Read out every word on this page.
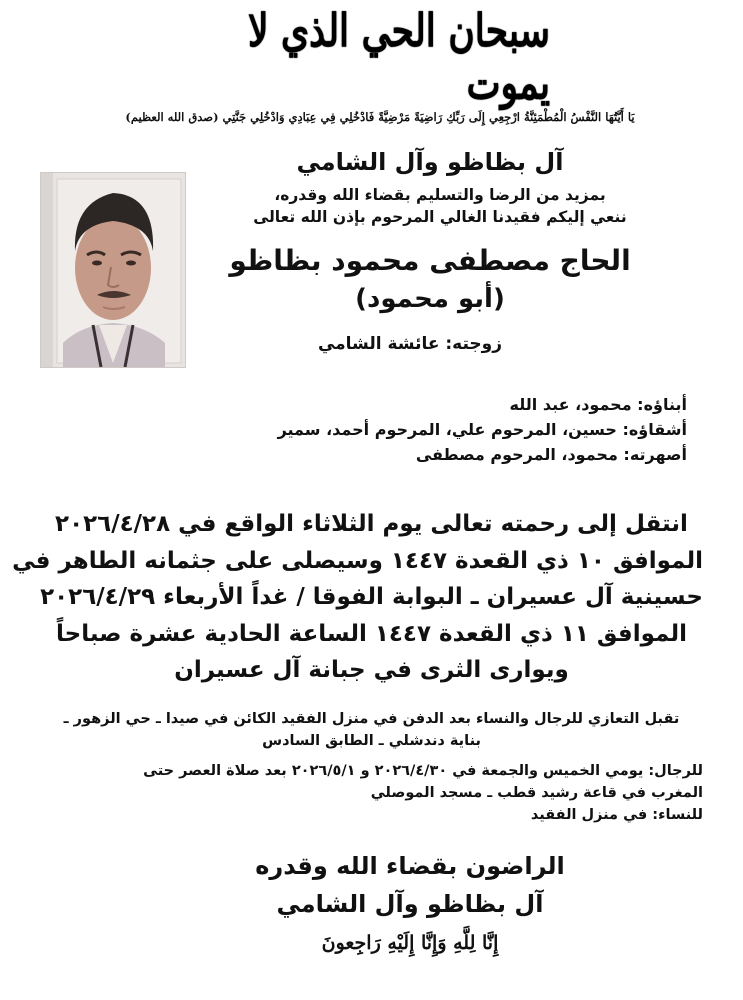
سبحان الحي الذي لا يموت
يَا أَيَّتُهَا النَّفْسُ الْمُطْمَئِنَّةُ ارْجِعِي إِلَى رَبِّكِ رَاضِيَةً مَرْضِيَّةً فَادْخُلِي فِي عِبَادِي وَادْخُلِي جَنَّتِي (صدق الله العظيم)
آل بظاظو وآل الشامي
بمزيد من الرضا والتسليم بقضاء الله وقدره،
ننعي إليكم فقيدنا الغالي المرحوم بإذن الله تعالى
الحاج مصطفى محمود بظاظو
(أبو محمود)
زوجته: عائشة الشامي
أبناؤه: محمود، عبد الله
أشقاؤه: حسين، المرحوم علي، المرحوم أحمد، سمير
أصهرته: محمود، المرحوم مصطفى
انتقل إلى رحمته تعالى يوم الثلاثاء الواقع في ٢٠٢٦/٤/٢٨
الموافق ١٠ ذي القعدة ١٤٤٧ وسيصلى على جثمانه الطاهر في
حسينية آل عسيران ـ البوابة الفوقا / غداً الأربعاء ٢٠٢٦/٤/٢٩
الموافق ١١ ذي القعدة ١٤٤٧ الساعة الحادية عشرة صباحاً
ويوارى الثرى في جبانة آل عسيران
تقبل التعازي للرجال والنساء بعد الدفن في منزل الفقيد الكائن في صيدا ـ حي الزهور ـ
بناية دندشلي ـ الطابق السادس
للرجال: يومي الخميس والجمعة في ٢٠٢٦/٤/٣٠ و ٢٠٢٦/٥/١ بعد صلاة العصر حتى
المغرب في قاعة رشيد قطب ـ مسجد الموصلي
للنساء: في منزل الفقيد
الراضون بقضاء الله وقدره
آل بظاظو وآل الشامي
إِنَّا لِلَّهِ وَإِنَّا إِلَيْهِ رَاجِعونَ
